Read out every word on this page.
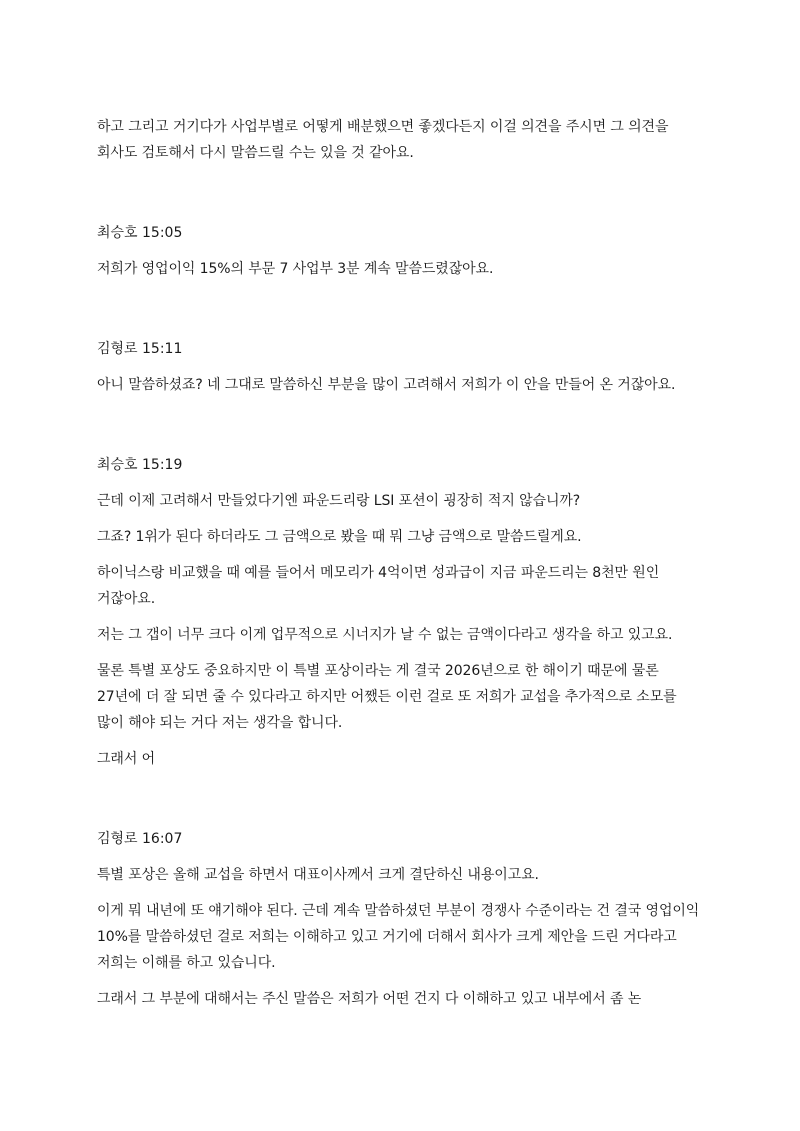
하고 그리고 거기다가 사업부별로 어떻게 배분했으면 좋겠다든지 이걸 의견을 주시면 그 의견을 회사도 검토해서 다시 말씀드릴 수는 있을 것 같아요.

최승호 15:05

저희가 영업이익 15%의 부문 7 사업부 3분 계속 말씀드렸잖아요.

김형로 15:11

아니 말씀하셨죠? 네 그대로 말씀하신 부분을 많이 고려해서 저희가 이 안을 만들어 온 거잖아요.

최승호 15:19

근데 이제 고려해서 만들었다기엔 파운드리랑 LSI 포션이 굉장히 적지 않습니까?

그죠? 1위가 된다 하더라도 그 금액으로 봤을 때 뭐 그냥 금액으로 말씀드릴게요.

하이닉스랑 비교했을 때 예를 들어서 메모리가 4억이면 성과급이 지금 파운드리는 8천만 원인 거잖아요.

저는 그 갭이 너무 크다 이게 업무적으로 시너지가 날 수 없는 금액이다라고 생각을 하고 있고요.

물론 특별 포상도 중요하지만 이 특별 포상이라는 게 결국 2026년으로 한 해이기 때문에 물론 27년에 더 잘 되면 줄 수 있다라고 하지만 어쨌든 이런 걸로 또 저희가 교섭을 추가적으로 소모를 많이 해야 되는 거다 저는 생각을 합니다.

그래서 어

김형로 16:07

특별 포상은 올해 교섭을 하면서 대표이사께서 크게 결단하신 내용이고요.

이게 뭐 내년에 또 얘기해야 된다. 근데 계속 말씀하셨던 부분이 경쟁사 수준이라는 건 결국 영업이익 10%를 말씀하셨던 걸로 저희는 이해하고 있고 거기에 더해서 회사가 크게 제안을 드린 거다라고 저희는 이해를 하고 있습니다.

그래서 그 부분에 대해서는 주신 말씀은 저희가 어떤 건지 다 이해하고 있고 내부에서 좀 논
